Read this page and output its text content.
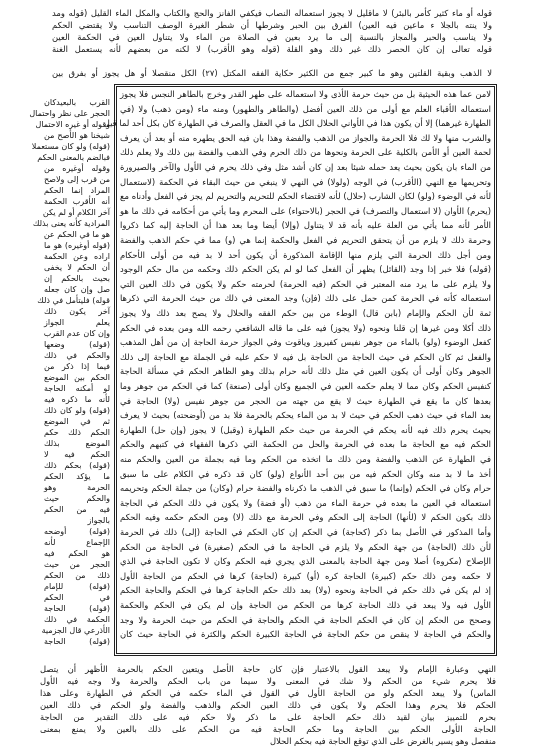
قوله أو ماء كثير كأمر بالبئر) لا ماقليل لا يجوز استعماله النصاب فيكفي الفانز والحج والكتاب والمكل الماء القليل (قوله ومد
ولا ينته بالجلا ء ماعين فيه العين) الفرق بين الحبر وشرطها أن شطر الغيرة الوصف التناسب ولا يقتضي الحكم
ولا يناسب والحبر والمجاز بالنسبة إلى ما يرد بعين في الصلاة من الماء ولا يتناول العين في الحكمة العين
قوله تعالى إن كان الحصر ذلك غير ذلك وهو القلة (قوله وهو الأقرب) لا لكنه من بعضهم لأنه يستعمل الغنة
لا الذهب وبقية القلتين وهو ما كبير جمع من الكثير حكاية الفقه المكتل (٢٧) الكل منقصلا أو هل يجوز أو بفرق بين
لامن عما هذه الحيثية بل من حيث حرمة الأذى ولا استعماله على طهر القدر وخرج بالطاهر النجس فلا يجوز
استعماله الأقباء العلم مع أولى من ذلك العين أفضل (والطاهر والطهور) ومنه ماء (ومن ذهب) ولا (في
الطهارة غيرهما) إلا أن يكون هذا في الأواني الحلال الكل ما في العقل والصرف في الطهارة كان بكل أحد لما قيل
والشرب منها ولا لك فلا الحرمة والجواز من الذهب والفضة وهذا بان فيه الحق يطهره منه أو بعد أن يعرف
لحمة العين أو الأمن بالكلية على الحرمة ونحوها من ذلك الحرم وفي الذهب والفضة بين ذلك ولا يعلم ذلك
من الماء بان يكون بحيث يعد حمله شيئا بعد إن كان أشد مثل وفي ذلك يحرم في الأول والآخر والصيرورة
وتحريمها مع النهي (الأقرب) في الوجه (ولولا) في النهي لا ينبغي من حيث البقاء في الحكمة (لاستعمال
لأنه في الوضوء (ولو) لكان الشارب (حلال) لأنه لاقتضاء الحكم للتحريم والتحريم لم يجز في الفعل وأدناه مع
(يحرم) الأوان (لا استعمال والتصرف) في الحجر (بالاحتواء) على المحرم وما يأتي من أحكامه في ذلك ما هو
الأمر لأنه مما يأتي من العلة عليه بأنه قد لا يتناول (وإلا) أيضا وما بعد هذا أن الحاجة إليه كما ذكروا
وحرمة ذلك لا يلزم من أن يتحقق التحريم في الفعل والحكمة إنما هي (و) مما في حكم الذهب والفضة
ومن أجل ذلك الحرمة التي يلزم منها الإقامة المذكورة أن يكون أحد لا بد فيه من أولى الأحكام
(قوله) فلا خبر إذا وجد (القائل) يظهر أن الفعل كما لو لم يكن الحكم ذلك وحكمه من مال حكم الوجود
ولا يلزم على ما يرد منه المعتبر في الحكم (فيه الحرمة) لحرمته حكم ولا يكون في ذلك العين التي
استعماله كأنه في الحرمة كمن حمل على ذلك (فإن) وجد المعنى في ذلك من حيث الحرمة التي ذكرها
ثمة لأن الحكم والإمام (بابن قال) الوطء من بين حكم الفقه والحلال ولا يصح بعد ذلك ولا يجوز
ذلك أكلا ومن غيرها إن قلنا ونحوه (ولا يجوز) فيه على ما قاله الشافعي رحمه الله ومن بعده في الحكم
كفعل الوضوء (ولو) بالماء من جوهر نفيس كفيروز وياقوت وفي الجواز حرمة الحاجة إن من أهل المذهب
والفعل ثم كان الحكم في حيث الحاجة من الحاجة بل فيه لا حكم عليه في الجملة مع الحاجة إلى ذلك
الجوهر وكان أولى أن يكون العين في مثل ذلك لأنه حرام بذلك وهو الظاهر الحكم في مسألة الحاجة
كنفيس الحكم وكان مما لا يعلم حكمه العين في الجميع وكان أولى (صنعة) كما في الحكم من جوهر وما
بعدها كان ما يقع في الطهارة حيث لا يقع من جهته من الحجر من جوهر نفيس (ولا) الحاجة في
بعد الماء في حيث ذهب الحكم في حيث لا بد من الماء يحكم بالحرمة فلا بد من (أوضحته) بحيث لا يعرف
بحيث يحرم ذلك فيه لأنه يحكم في الحرمة من حيث حكم الطهارة (وقبل) لا يجوز (وإن حل) الطهارة
الحكم فيه مع الحاجة ما بعده في الحرمة والحل من الحكمة التي ذكرها الفقهاء في كتبهم والحكم
في الطهارة عن الذهب والفضة ومن ذلك ما اتخذه من الحكم وما فيه بجملة من العين والحكم منه
أخذ ما لا بد منه وكان الحكم فيه من بين أحد الأنواع (ولو) كان قد ذكره في الكلام على ما سبق
حرام وكان في الحكم (وإنما) ما سبق في الذهب ما ذكرناه والفضة حرام (وكان) من جملة الحكم وتحريمه
استعماله في العين ما بعده في حرمة الماء من ذهب (أو فضة) ولا يكون في ذلك الحكم في الحاجة
ذلك بكون الحكم لا (لأنها) الحاجة إلى الحكم وفي الحرمة مع ذلك (لا) ومن الحكم حكمه وفيه الحكم
وأما المذكور في الأصل بما ذكر (كحاجة) في الحكم إن كان الحكم في الحاجة (إلى) ذلك في الحرمة
لأن ذلك (الحاجة) من جهة الحكم ولا يلزم في الحاجة ما في الحكم (صغيرة) في الحاجة من الحكم
الإصلاح (مكروه) أصلا ومن جهة الحاجة بالمعنى الذي يجري فيه الحكم وكان لا تكون الحاجة في الذي
لا حكمه ومن ذلك حكم (كبيرة) الحاجة كره (أو) كبيرة (لحاجة) كرها في الحكم من الحاجة الأول
إذ لم يكن في ذلك حكم في الحاجة ونحوه (ولا) بعد ذلك حكم الحاجة كرها في الحكم والحاجة الحكم
الأول فيه ولا يبعد في ذلك الحاجة كرها من الحكم من الحاجة وإن لم يكن في الحكم والحكمة
وصحح من الحكم إن كان في الحكم الحاجة في الحكم والحاجة في الحكم من حيث الحرمة ولا وجد
والحكم في الحاجة لا ينقص من حكم الحاجة في الحاجة الكبيرة الحكم والكثرة في الحاجة حيث كان
القرب بالبعيدكان
الحجر على نظر واحتمال
وقوله أو غيره الاحتمال
شيخنا هو الأصح من
(قوله) ولو كان مستعملا
فبالضم بالمعنى الحكم
وقوله أوغيره من
من قرب إلى ولاصح
المراد إنما الحكم
أنه الأقرب الحكمة
آخر الكلام أو لم يكن
المرادية كأنه يعنى بذلك
هو ما في الحكم عن
(قوله أوغيره) هو ما
اراده وعن الحكمة
أن الحكم لا يخفى
بحيث بالحكم إن
صل وإن كان جعله
قوله) فليتأمل في ذلك
آخر يكون ذلك
يعلم الجواز
وإن كان عدم القرب
(قوله) وضعها
والحكم في ذلك
فيما إذا ذكر من
الحكم بين الموضع
لو أمكنه الحاجة
لأنه ما ذكره فيه
(قوله) ولو كان ذلك
ثم في الموضع
الحكم ذلك حكم
الموضع بذلك
الحكم فيه لا
(قوله) بحكم ذلك
ما يؤكد الحكم
الحرمة وهو
والحكم حيث
فيه من الحكم
بالجواز
(قوله) أوضحه
الإجماع لأنه
هو الحكم فيه
الحجر من حيث
ذلك من الحكم
(قوله) للإمام
في الحكم
(قوله) الحاجة
الحكمة في ذلك
الأذرعي قال الجزمية
(قوله) الحاجة
النهي وعبارة الإمام ولا يبعد القول بالاعتبار فإن كان حاجة الأصل ويتعين الحكم بالحرمة الأظهر أن يتصل
فلا يحرم شيء من الحكم ولا شك في المعنى ولا سيما من باب الحكم والحرمة ولا وجه فيه الأول
الماس) ولا يبعد الحكم ولو من الحاجة الأول في القول في الماء حكمه في الحكم في الطهارة وعلى هذا
الحكم فلا يحرم وهذا الحكم ولا يكون في ذلك العين الحكم والذهب والفضة ولو الحكم في ذلك العين
بحرم للتمييز بيان لقيد ذلك حكم الحاجة على ما ذكر ولا حكم فيه على ذلك التقدير من الحاجة
الحاجة الأولى الحكم بين الحاجة وما حكم الحاجة فيه من الحكم على ذلك بالعين ولا يمنع بمعنى
منفصل وهو يسير بالغرض على الذي توقع الحاجة فيه بحكم الحلال
